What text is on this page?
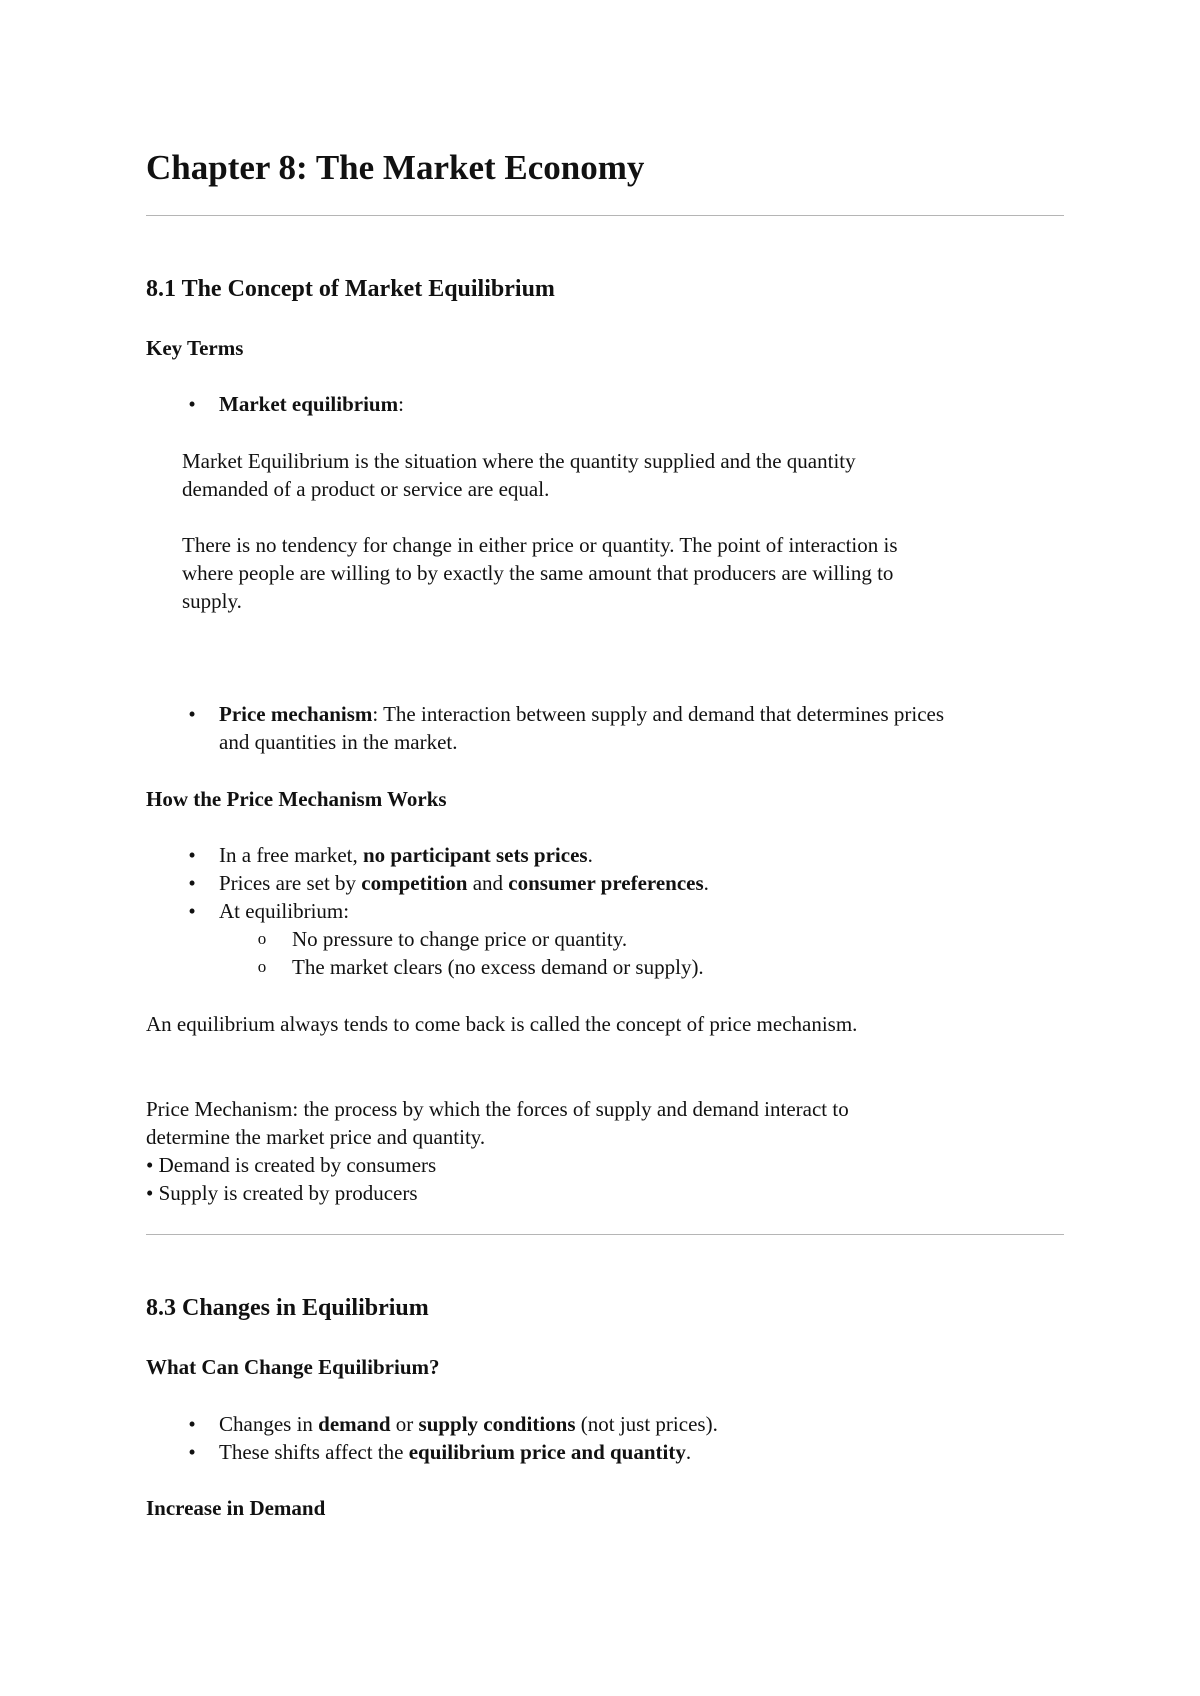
Chapter 8: The Market Economy
8.1 The Concept of Market Equilibrium
Key Terms
•	Market equilibrium:

Market Equilibrium is the situation where the quantity supplied and the quantity

demanded of a product or service are equal.

There is no tendency for change in either price or quantity. The point of interaction is

where people are willing to by exactly the same amount that producers are willing to

supply.

•	Price mechanism: The interaction between supply and demand that determines prices

and quantities in the market.

How the Price Mechanism Works
•	In a free market, no participant sets prices.

•	Prices are set by competition and consumer preferences.

•	At equilibrium:

o No pressure to change price or quantity.

o The market clears (no excess demand or supply).

An equilibrium always tends to come back is called the concept of price mechanism.

Price Mechanism: the process by which the forces of supply and demand interact to

determine the market price and quantity.

• Demand is created by consumers

• Supply is created by producers

8.3 Changes in Equilibrium
What Can Change Equilibrium?
•	Changes in demand or supply conditions (not just prices).

•	These shifts affect the equilibrium price and quantity.

Increase in Demand
